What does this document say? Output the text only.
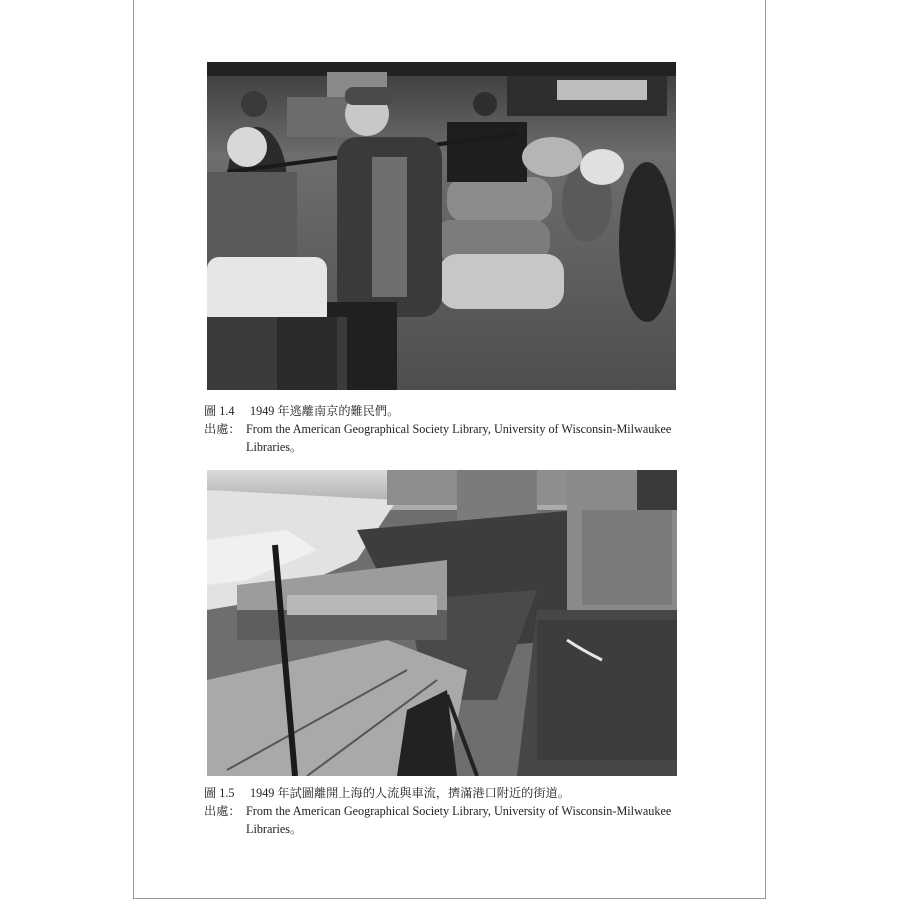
圖 1.4 1949 年逃離南京的難民們。
出處： From the American Geographical Society Library, University of Wisconsin-Milwaukee
Libraries。
圖 1.5 1949 年試圖離開上海的人流與車流，擠滿港口附近的街道。
出處： From the American Geographical Society Library, University of Wisconsin-Milwaukee
Libraries。
